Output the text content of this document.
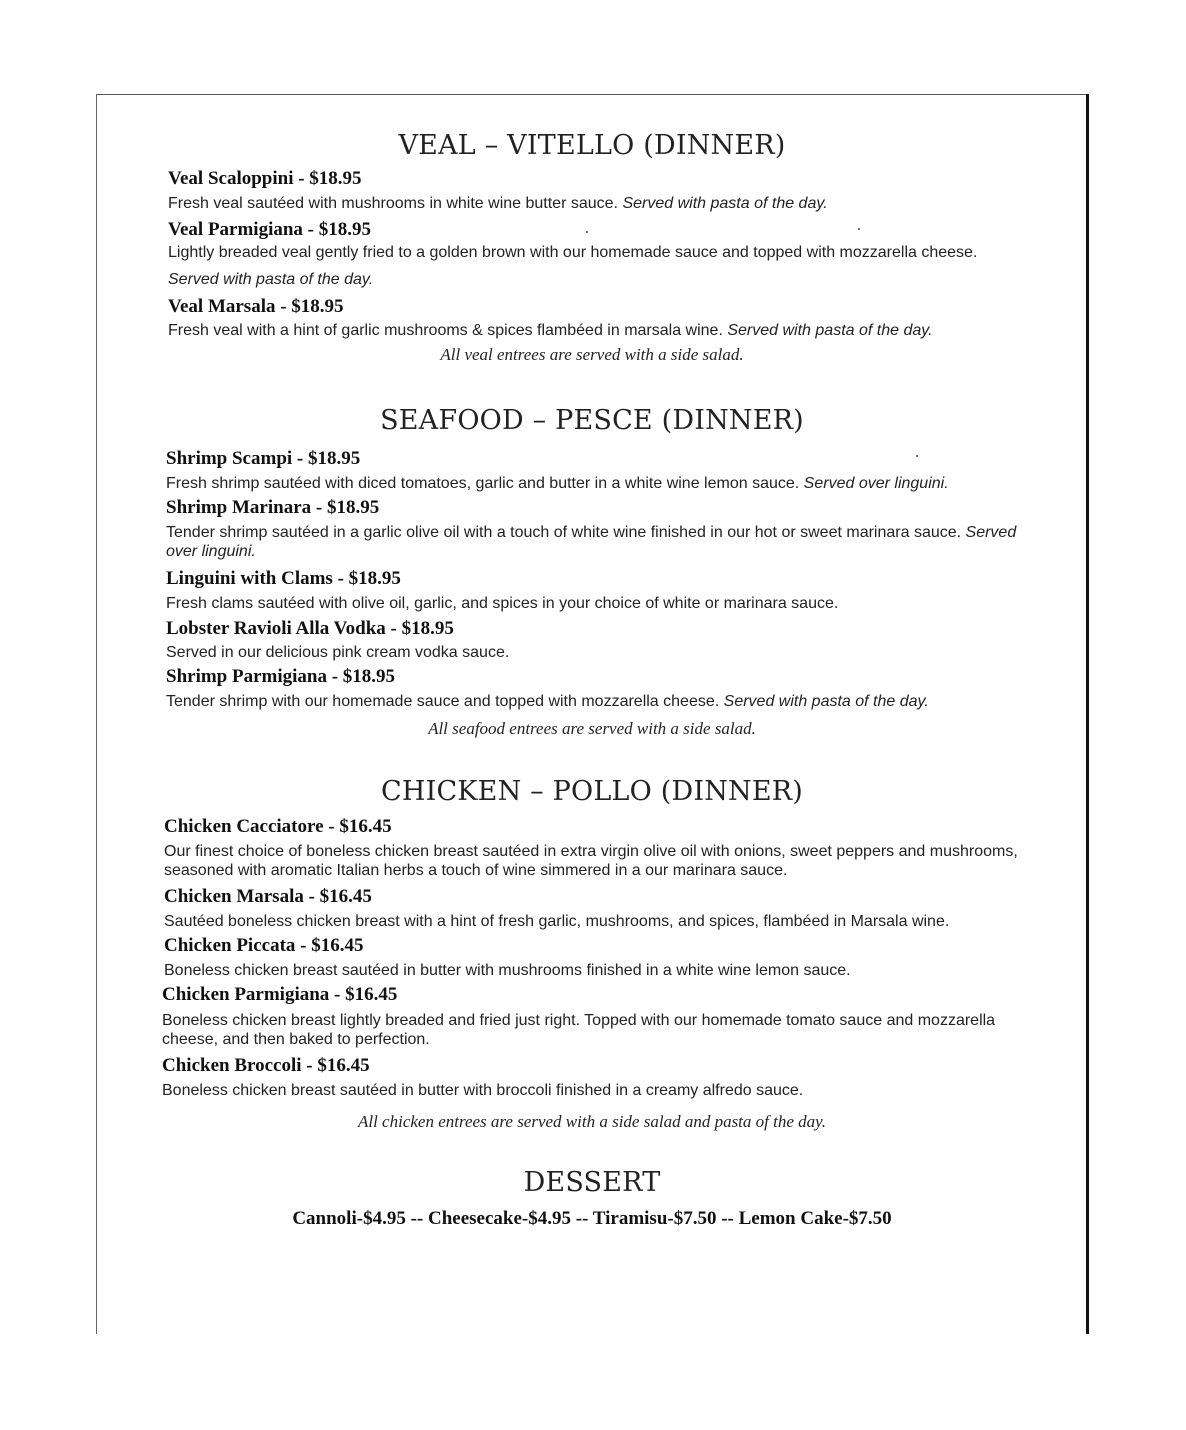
VEAL – VITELLO (DINNER)
Veal Scaloppini - $18.95
Fresh veal sautéed with mushrooms in white wine butter sauce. Served with pasta of the day.
Veal Parmigiana - $18.95
Lightly breaded veal gently fried to a golden brown with our homemade sauce and topped with mozzarella cheese. Served with pasta of the day.
Veal Marsala - $18.95
Fresh veal with a hint of garlic mushrooms & spices flambéed in marsala wine. Served with pasta of the day.
All veal entrees are served with a side salad.
SEAFOOD – PESCE (DINNER)
Shrimp Scampi - $18.95
Fresh shrimp sautéed with diced tomatoes, garlic and butter in a white wine lemon sauce. Served over linguini.
Shrimp Marinara - $18.95
Tender shrimp sautéed in a garlic olive oil with a touch of white wine finished in our hot or sweet marinara sauce. Served over linguini.
Linguini with Clams - $18.95
Fresh clams sautéed with olive oil, garlic, and spices in your choice of white or marinara sauce.
Lobster Ravioli Alla Vodka - $18.95
Served in our delicious pink cream vodka sauce.
Shrimp Parmigiana - $18.95
Tender shrimp with our homemade sauce and topped with mozzarella cheese. Served with pasta of the day.
All seafood entrees are served with a side salad.
CHICKEN – POLLO (DINNER)
Chicken Cacciatore - $16.45
Our finest choice of boneless chicken breast sautéed in extra virgin olive oil with onions, sweet peppers and mushrooms, seasoned with aromatic Italian herbs a touch of wine simmered in a our marinara sauce.
Chicken Marsala - $16.45
Sautéed boneless chicken breast with a hint of fresh garlic, mushrooms, and spices, flambéed in Marsala wine.
Chicken Piccata - $16.45
Boneless chicken breast sautéed in butter with mushrooms finished in a white wine lemon sauce.
Chicken Parmigiana - $16.45
Boneless chicken breast lightly breaded and fried just right. Topped with our homemade tomato sauce and mozzarella cheese, and then baked to perfection.
Chicken Broccoli - $16.45
Boneless chicken breast sautéed in butter with broccoli finished in a creamy alfredo sauce.
All chicken entrees are served with a side salad and pasta of the day.
DESSERT
Cannoli-$4.95 -- Cheesecake-$4.95 -- Tiramisu-$7.50 -- Lemon Cake-$7.50
